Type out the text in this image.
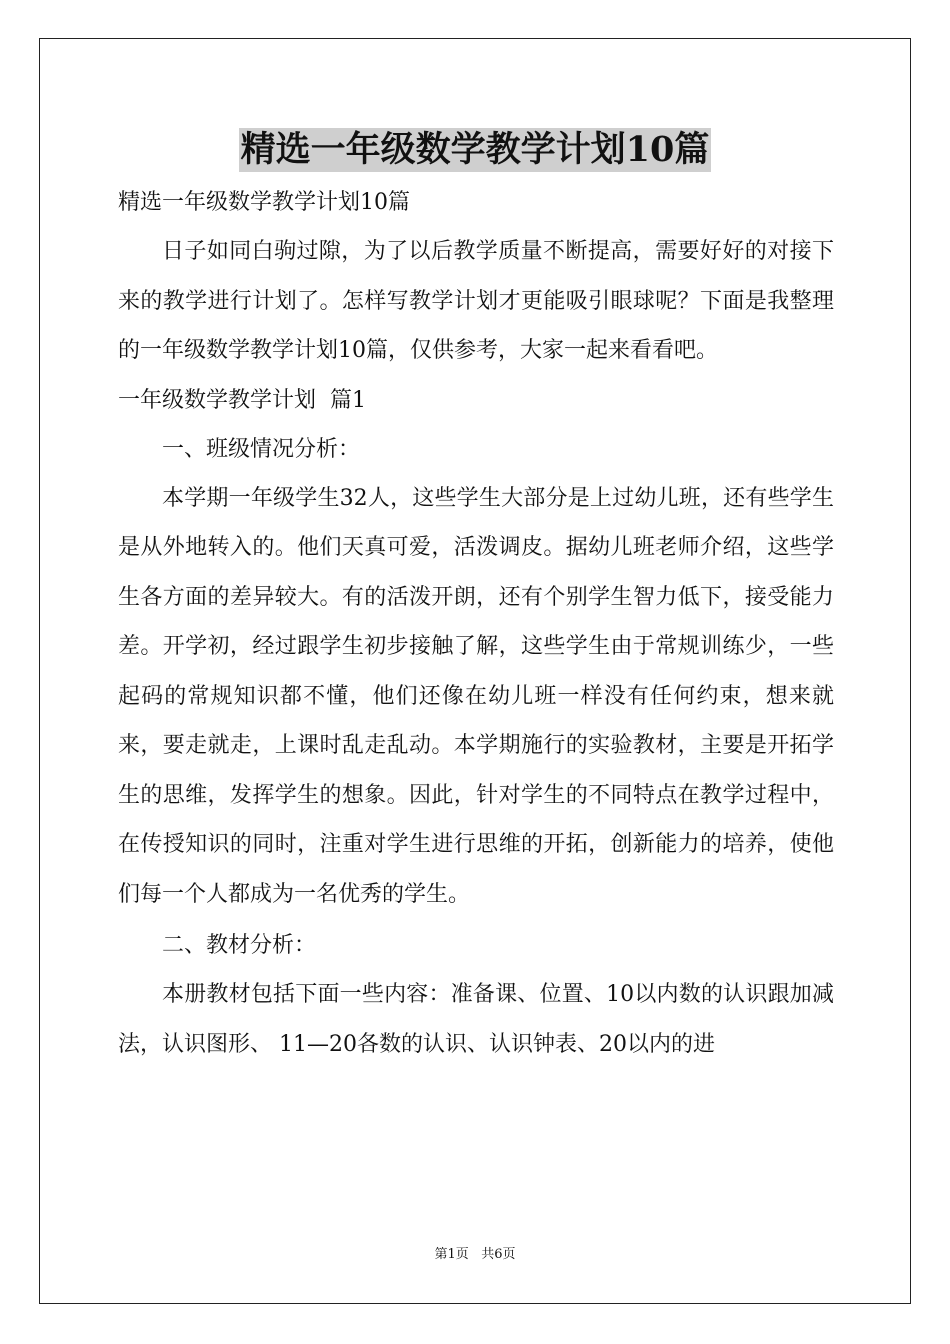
精选一年级数学教学计划10篇

精选一年级数学教学计划10篇

日子如同白驹过隙，为了以后教学质量不断提高，需要好好的对接下来的教学进行计划了。怎样写教学计划才更能吸引眼球呢？下面是我整理的一年级数学教学计划10篇，仅供参考，大家一起来看看吧。

一年级数学教学计划  篇1

一、班级情况分析：

本学期一年级学生32人，这些学生大部分是上过幼儿班，还有些学生是从外地转入的。他们天真可爱，活泼调皮。据幼儿班老师介绍，这些学生各方面的差异较大。有的活泼开朗，还有个别学生智力低下，接受能力差。开学初，经过跟学生初步接触了解，这些学生由于常规训练少，一些起码的常规知识都不懂，他们还像在幼儿班一样没有任何约束，想来就来，要走就走，上课时乱走乱动。本学期施行的实验教材，主要是开拓学生的思维，发挥学生的想象。因此，针对学生的不同特点在教学过程中，在传授知识的同时，注重对学生进行思维的开拓，创新能力的培养，使他们每一个人都成为一名优秀的学生。

二、教材分析：

本册教材包括下面一些内容：准备课、位置、10以内数的认识跟加减法，认识图形、 11—20各数的认识、认识钟表、20以内的进

第1页 共6页
